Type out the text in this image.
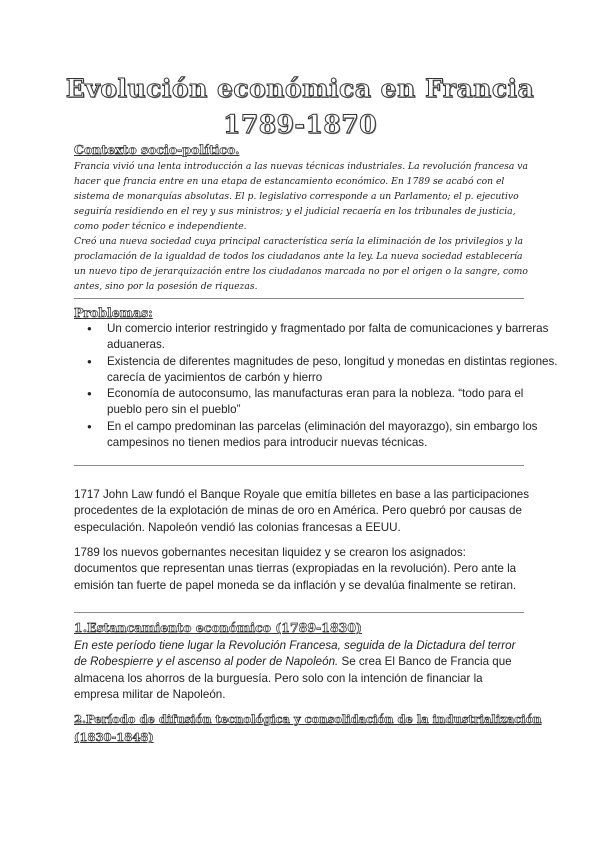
Evolución económica en Francia
1789-1870
Contexto socio-político.

Francia vivió una lenta introducción a las nuevas técnicas industriales. La revolución francesa va hacer que francia entre en una etapa de estancamiento económico. En 1789 se acabó con el sistema de monarquías absolutas. El p. legislativo corresponde a un Parlamento; el p. ejecutivo seguiría residiendo en el rey y sus ministros; y el judicial recaería en los tribunales de justicia, como poder técnico e independiente.

Creó una nueva sociedad cuya principal característica sería la eliminación de los privilegios y la proclamación de la igualdad de todos los ciudadanos ante la ley. La nueva sociedad establecería un nuevo tipo de jerarquización entre los ciudadanos marcada no por el origen o la sangre, como antes, sino por la posesión de riquezas.

Problemas:
● Un comercio interior restringido y fragmentado por falta de comunicaciones y barreras aduaneras.
● Existencia de diferentes magnitudes de peso, longitud y monedas en distintas regiones. carecía de yacimientos de carbón y hierro
● Economía de autoconsumo, las manufacturas eran para la nobleza. “todo para el pueblo pero sin el pueblo”
● En el campo predominan las parcelas (eliminación del mayorazgo), sin embargo los campesinos no tienen medios para introducir nuevas técnicas.

1717 John Law fundó el Banque Royale que emitía billetes en base a las participaciones procedentes de la explotación de minas de oro en América. Pero quebró por causas de especulación. Napoleón vendió las colonias francesas a EEUU.

1789 los nuevos gobernantes necesitan liquidez y se crearon los asignados: documentos que representan unas tierras (expropiadas en la revolución). Pero ante la emisión tan fuerte de papel moneda se da inflación y se devalúa finalmente se retiran.

1.Estancamiento económico (1789-1830)

En este período tiene lugar la Revolución Francesa, seguida de la Dictadura del terror de Robespierre y el ascenso al poder de Napoleón. Se crea El Banco de Francia que almacena los ahorros de la burguesía. Pero solo con la intención de financiar la empresa militar de Napoleón.

2.Período de difusión tecnológica y consolidación de la industrialización
(1830-1848)
